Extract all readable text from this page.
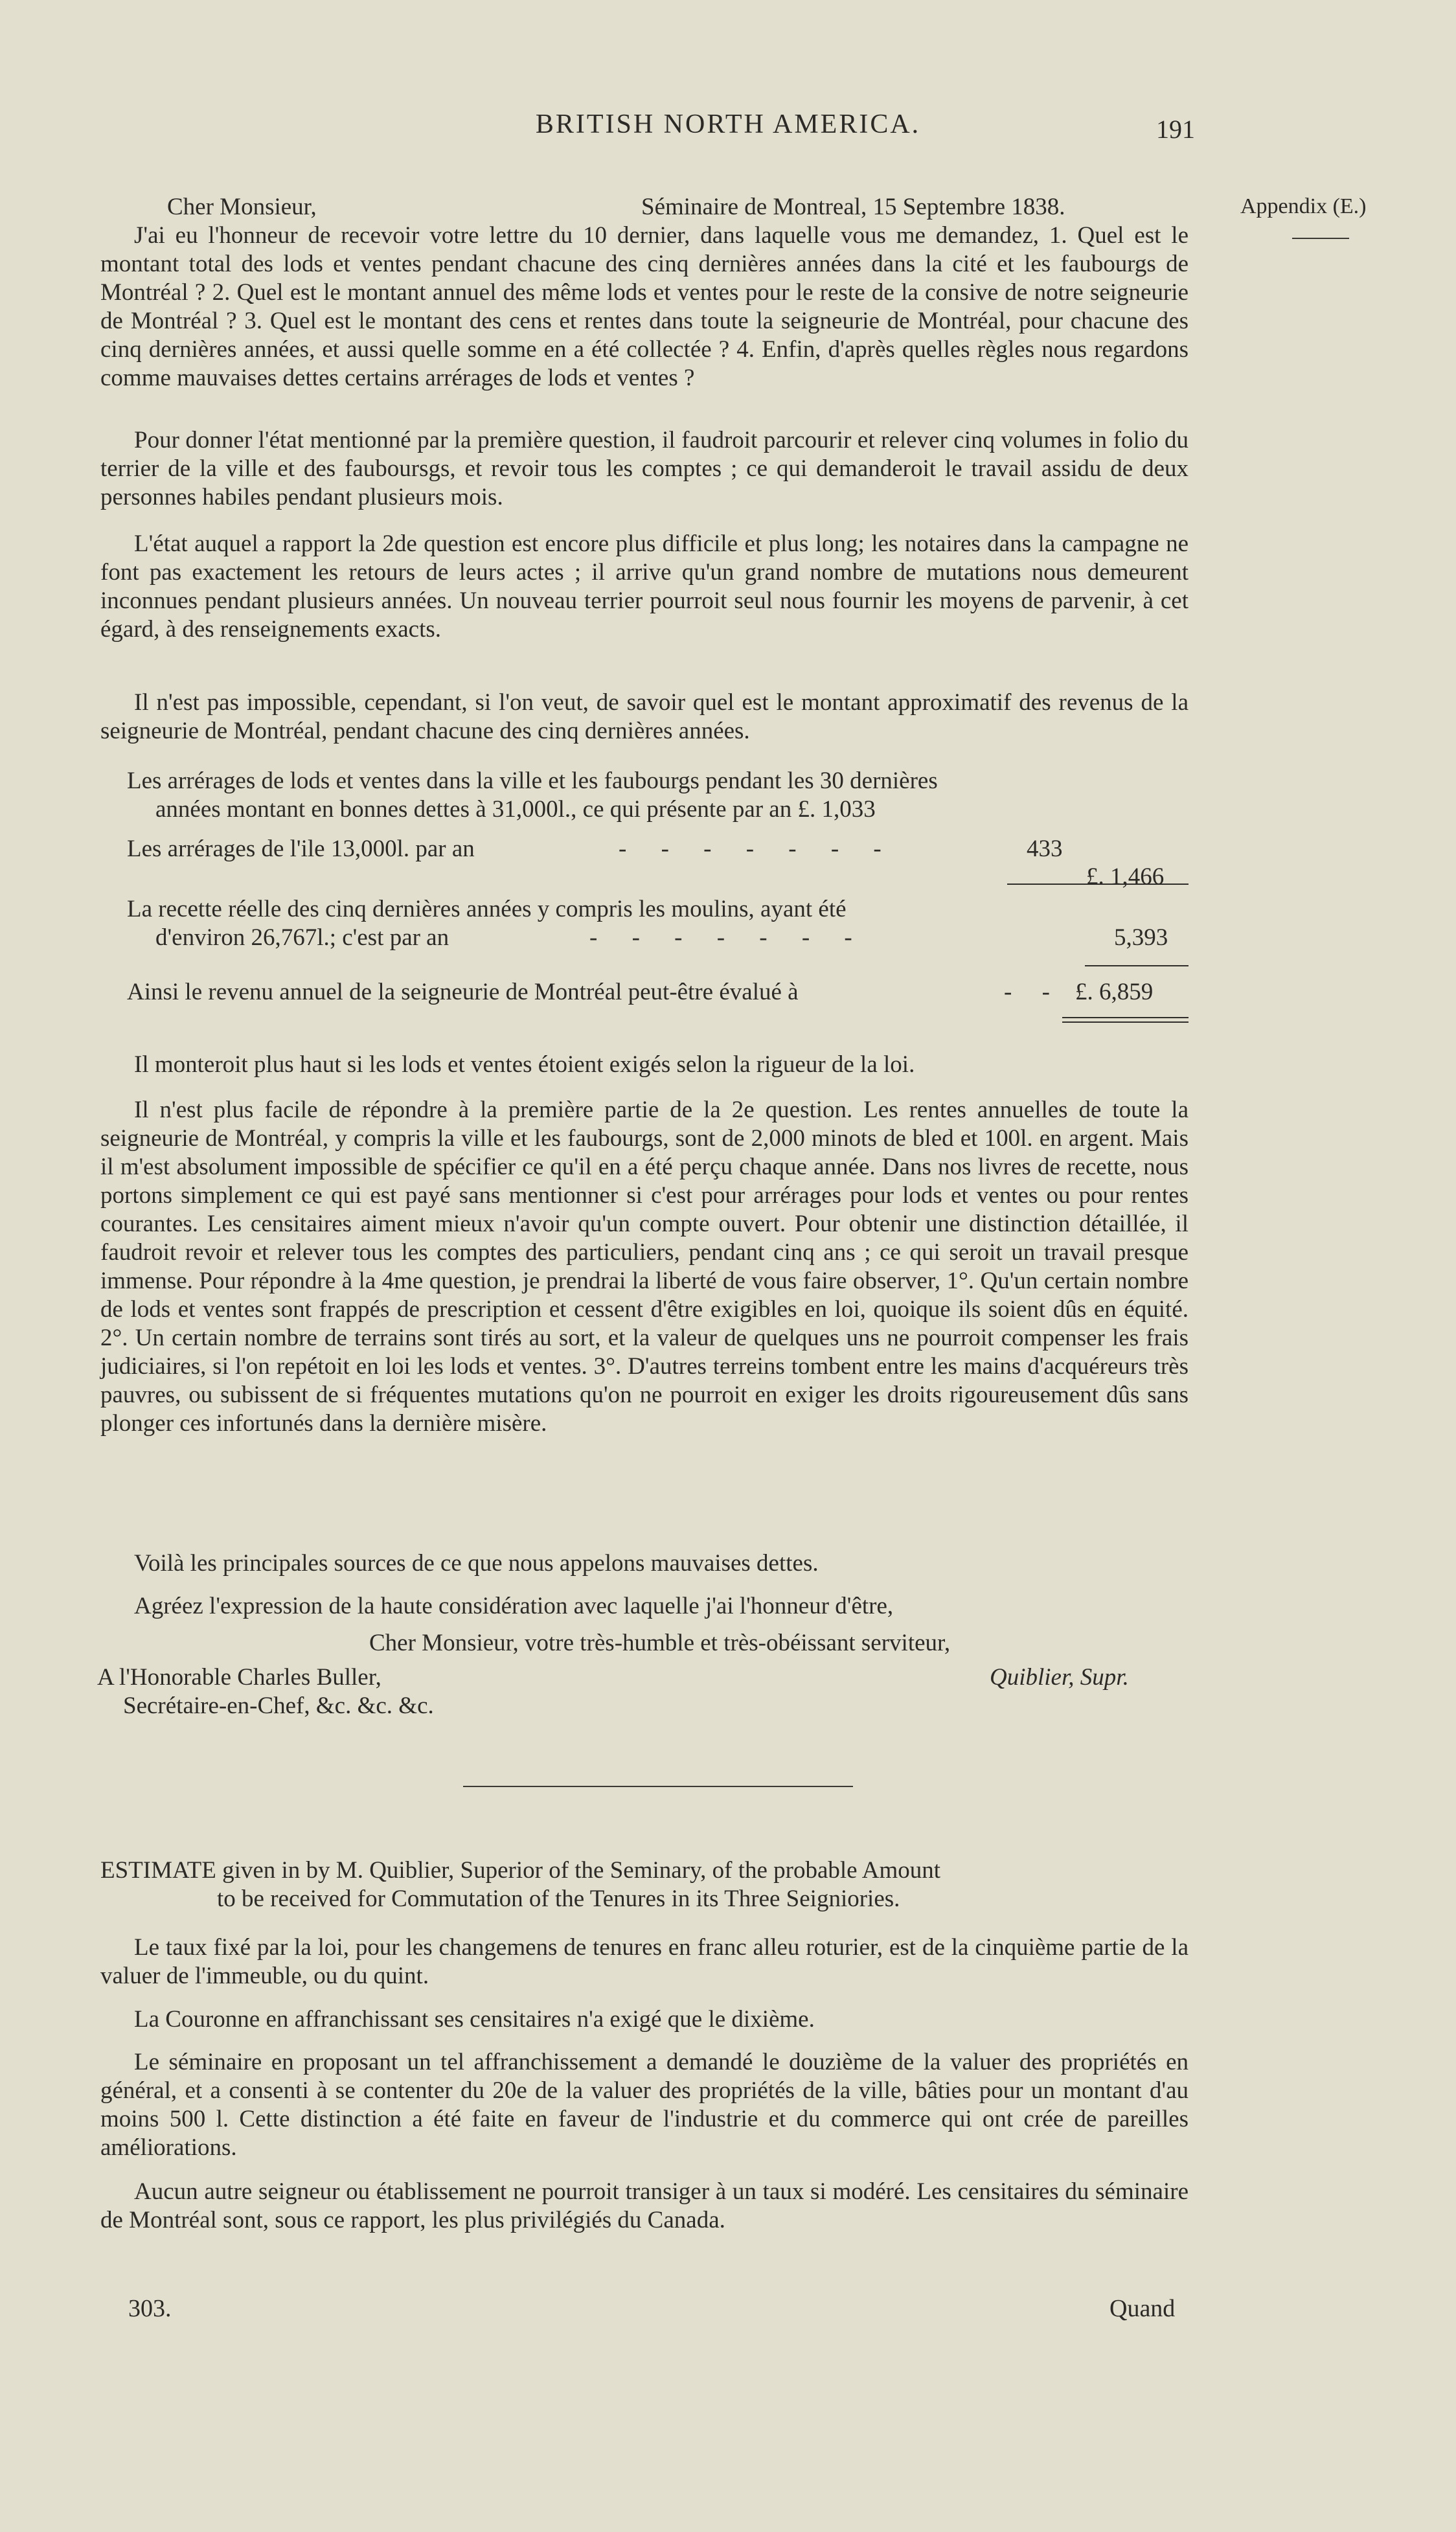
BRITISH NORTH AMERICA.	191
Appendix (E.)
Cher Monsieur,	Séminaire de Montreal, 15 Septembre 1838.
J'ai eu l'honneur de recevoir votre lettre du 10 dernier, dans laquelle vous me demandez, 1. Quel est le montant total des lods et ventes pendant chacune des cinq dernières années dans la cité et les faubourgs de Montréal ? 2. Quel est le montant annuel des même lods et ventes pour le reste de la consive de notre seigneurie de Montréal ? 3. Quel est le montant des cens et rentes dans toute la seigneurie de Montréal, pour chacune des cinq dernières années, et aussi quelle somme en a été collectée ? 4. Enfin, d'après quelles règles nous regardons comme mauvaises dettes certains arrérages de lods et ventes ?
Pour donner l'état mentionné par la première question, il faudroit parcourir et relever cinq volumes in folio du terrier de la ville et des fauboursgs, et revoir tous les comptes ; ce qui demanderoit le travail assidu de deux personnes habiles pendant plusieurs mois.
L'état auquel a rapport la 2de question est encore plus difficile et plus long; les notaires dans la campagne ne font pas exactement les retours de leurs actes ; il arrive qu'un grand nombre de mutations nous demeurent inconnues pendant plusieurs années. Un nouveau terrier pourroit seul nous fournir les moyens de parvenir, à cet égard, à des renseignements exacts.
Il n'est pas impossible, cependant, si l'on veut, de savoir quel est le montant approximatif des revenus de la seigneurie de Montréal, pendant chacune des cinq dernières années.
Les arrérages de lods et ventes dans la ville et les faubourgs pendant les 30 dernières
années montant en bonnes dettes à 31,000l., ce qui présente par an £. 1,033
Les arrérages de l'ile 13,000l. par an	- - - - - - -	433
£. 1,466
La recette réelle des cinq dernières années y compris les moulins, ayant été
d'environ 26,767l.; c'est par an	- - - - - - -	5,393
Ainsi le revenu annuel de la seigneurie de Montréal peut-être évalué à	-     - £. 6,859
Il monteroit plus haut si les lods et ventes étoient exigés selon la rigueur de la loi.
Il n'est plus facile de répondre à la première partie de la 2e question. Les rentes annuelles de toute la seigneurie de Montréal, y compris la ville et les faubourgs, sont de 2,000 minots de bled et 100l. en argent. Mais il m'est absolument impossible de spécifier ce qu'il en a été perçu chaque année. Dans nos livres de recette, nous portons simplement ce qui est payé sans mentionner si c'est pour arrérages pour lods et ventes ou pour rentes courantes. Les censitaires aiment mieux n'avoir qu'un compte ouvert. Pour obtenir une distinction détaillée, il faudroit revoir et relever tous les comptes des particuliers, pendant cinq ans ; ce qui seroit un travail presque immense. Pour répondre à la 4me question, je prendrai la liberté de vous faire observer, 1°. Qu'un certain nombre de lods et ventes sont frappés de prescription et cessent d'être exigibles en loi, quoique ils soient dûs en équité. 2°. Un certain nombre de terrains sont tirés au sort, et la valeur de quelques uns ne pourroit compenser les frais judiciaires, si l'on repétoit en loi les lods et ventes. 3°. D'autres terreins tombent entre les mains d'acquéreurs très pauvres, ou subissent de si fréquentes mutations qu'on ne pourroit en exiger les droits rigoureusement dûs sans plonger ces infortunés dans la dernière misère.
Voilà les principales sources de ce que nous appelons mauvaises dettes.
Agréez l'expression de la haute considération avec laquelle j'ai l'honneur d'être,
Cher Monsieur, votre très-humble et très-obéissant serviteur,
A l'Honorable Charles Buller,	Quiblier, Supr.
Secrétaire-en-Chef, &c. &c. &c.
ESTIMATE given in by M. Quiblier, Superior of the Seminary, of the probable Amount
to be received for Commutation of the Tenures in its Three Seigniories.
Le taux fixé par la loi, pour les changemens de tenures en franc alleu roturier, est de la cinquième partie de la valuer de l'immeuble, ou du quint.
La Couronne en affranchissant ses censitaires n'a exigé que le dixième.
Le séminaire en proposant un tel affranchissement a demandé le douzième de la valuer des propriétés en général, et a consenti à se contenter du 20e de la valuer des propriétés de la ville, bâties pour un montant d'au moins 500 l. Cette distinction a été faite en faveur de l'industrie et du commerce qui ont crée de pareilles améliorations.
Aucun autre seigneur ou établissement ne pourroit transiger à un taux si modéré. Les censitaires du séminaire de Montréal sont, sous ce rapport, les plus privilégiés du Canada.
303.	Quand
